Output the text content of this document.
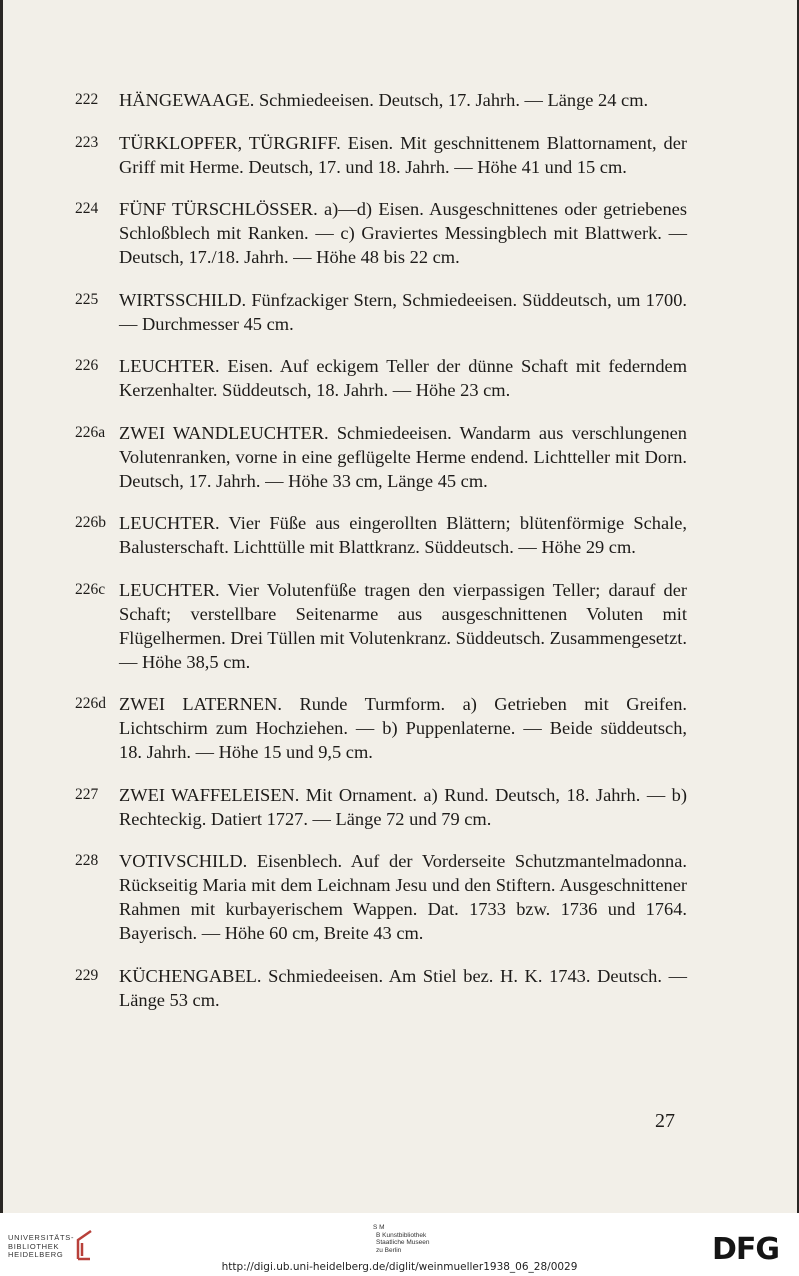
222 HÄNGEWAAGE. Schmiedeeisen. Deutsch, 17. Jahrh. — Länge 24 cm.
223 TÜRKLOPFER, TÜRGRIFF. Eisen. Mit geschnittenem Blattornament, der Griff mit Herme. Deutsch, 17. und 18. Jahrh. — Höhe 41 und 15 cm.
224 FÜNF TÜRSCHLÖSSER. a)—d) Eisen. Ausgeschnittenes oder getriebenes Schloßblech mit Ranken. — c) Graviertes Messingblech mit Blattwerk. — Deutsch, 17./18. Jahrh. — Höhe 48 bis 22 cm.
225 WIRTSSCHILD. Fünfzackiger Stern, Schmiedeeisen. Süddeutsch, um 1700. — Durchmesser 45 cm.
226 LEUCHTER. Eisen. Auf eckigem Teller der dünne Schaft mit federndem Kerzenhalter. Süddeutsch, 18. Jahrh. — Höhe 23 cm.
226a ZWEI WANDLEUCHTER. Schmiedeeisen. Wandarm aus verschlungenen Volutenranken, vorne in eine geflügelte Herme endend. Lichtteller mit Dorn. Deutsch, 17. Jahrh. — Höhe 33 cm, Länge 45 cm.
226b LEUCHTER. Vier Füße aus eingerollten Blättern; blütenförmige Schale, Balusterschaft. Lichttülle mit Blattkranz. Süddeutsch. — Höhe 29 cm.
226c LEUCHTER. Vier Volutenfüße tragen den vierpassigen Teller; darauf der Schaft; verstellbare Seitenarme aus ausgeschnittenen Voluten mit Flügelhermen. Drei Tüllen mit Volutenkranz. Süddeutsch. Zusammengesetzt. — Höhe 38,5 cm.
226d ZWEI LATERNEN. Runde Turmform. a) Getrieben mit Greifen. Lichtschirm zum Hochziehen. — b) Puppenlaterne. — Beide süddeutsch, 18. Jahrh. — Höhe 15 und 9,5 cm.
227 ZWEI WAFFELEISEN. Mit Ornament. a) Rund. Deutsch, 18. Jahrh. — b) Rechteckig. Datiert 1727. — Länge 72 und 79 cm.
228 VOTIVSCHILD. Eisenblech. Auf der Vorderseite Schutzmantelmadonna. Rückseitig Maria mit dem Leichnam Jesu und den Stiftern. Ausgeschnittener Rahmen mit kurbayerischem Wappen. Dat. 1733 bzw. 1736 und 1764. Bayerisch. — Höhe 60 cm, Breite 43 cm.
229 KÜCHENGABEL. Schmiedeeisen. Am Stiel bez. H. K. 1743. Deutsch. — Länge 53 cm.
27
UNIVERSITÄTS-
BIBLIOTHEK
HEIDELBERG
S M
B Kunstbibliothek
Staatliche Museen
zu Berlin	DFG
http://digi.ub.uni-heidelberg.de/diglit/weinmueller1938_06_28/0029
